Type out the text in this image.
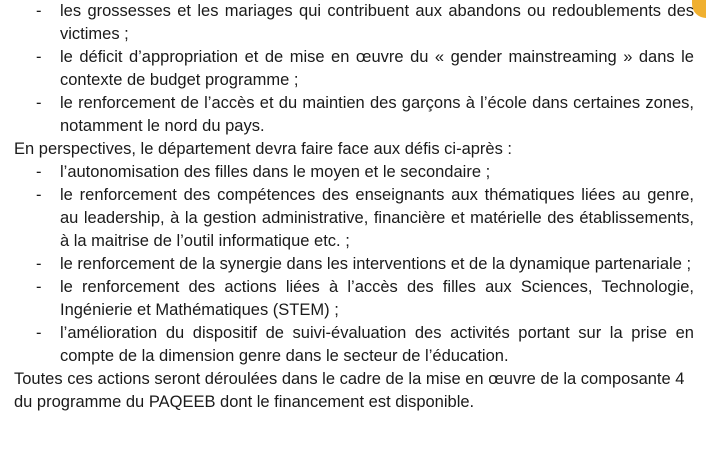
- les grossesses et les mariages qui contribuent aux abandons ou redoublements des victimes ;
- le déficit d’appropriation et de mise en œuvre du « gender mainstreaming » dans le contexte de budget programme ;
- le renforcement de l’accès et du maintien des garçons à l’école dans certaines zones, notamment le nord du pays.

En perspectives, le département devra faire face aux défis ci-après :

- l’autonomisation des filles dans le moyen et le secondaire ;
- le renforcement des compétences des enseignants aux thématiques liées au genre, au leadership, à la gestion administrative, financière et matérielle des établissements, à la maitrise de l’outil informatique etc. ;
- le renforcement de la synergie dans les interventions et de la dynamique partenariale ;
- le renforcement des actions liées à l’accès des filles aux Sciences, Technologie, Ingénierie et Mathématiques (STEM) ;
- l’amélioration du dispositif de suivi-évaluation des activités portant sur la prise en compte de la dimension genre dans le secteur de l’éducation.

Toutes ces actions seront déroulées dans le cadre de la mise en œuvre de la composante 4 du programme du PAQEEB dont le financement est disponible.
